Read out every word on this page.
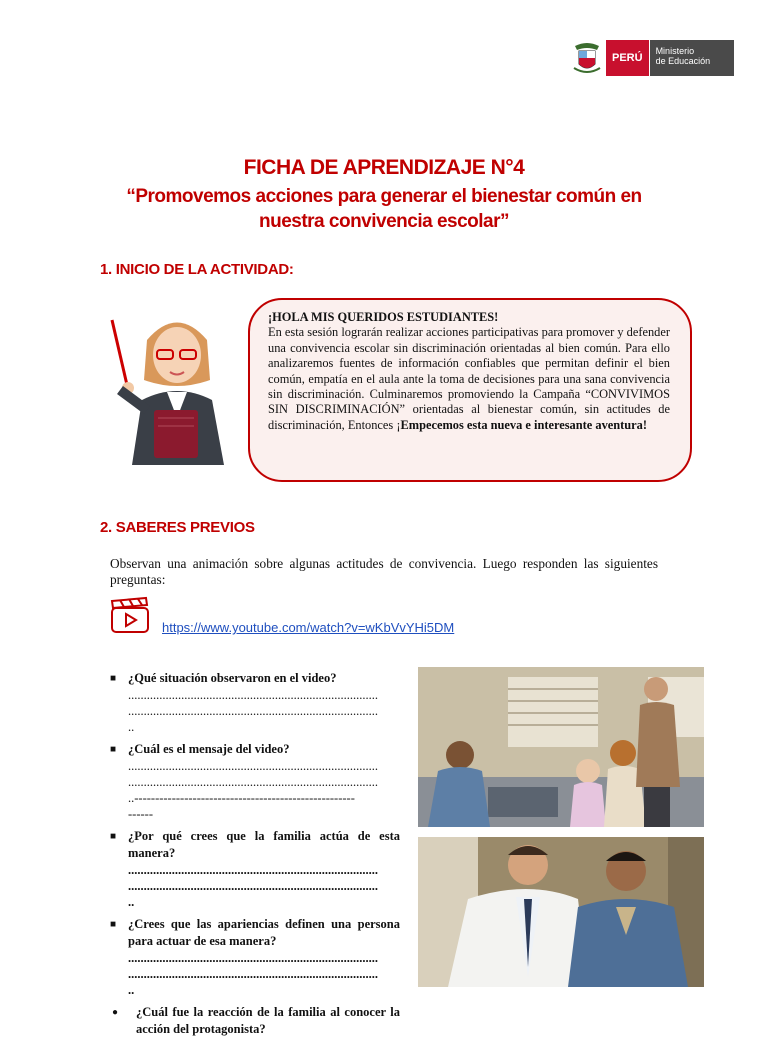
PERÚ
Ministerio
de Educación
FICHA DE APRENDIZAJE N°4
“Promovemos acciones para generar el bienestar común en
nuestra convivencia escolar”
1. INICIO DE LA ACTIVIDAD:

¡HOLA MIS QUERIDOS ESTUDIANTES!

En esta sesión lograrán realizar acciones participativas para promover y defender una convivencia escolar sin discriminación orientadas al bien común. Para ello analizaremos fuentes de información confiables que permitan definir el bien común, empatía en el aula ante la toma de decisiones para una sana convivencia sin discriminación. Culminaremos promoviendo la Campaña “CONVIVIMOS SIN DISCRIMINACIÓN” orientadas al bienestar común, sin actitudes de discriminación, Entonces ¡Empecemos esta nueva e interesante aventura!

2. SABERES PREVIOS
Observan una animación sobre algunas actitudes de convivencia. Luego responden las siguientes preguntas:
https://www.youtube.com/watch?v=wKbVvYHi5DM
■ ¿Qué situación observaron en el video?
................................................................................
................................................................................
..
■ ¿Cuál es el mensaje del video?
................................................................................
................................................................................
..-----------------------------------------------------
------
■ ¿Por qué crees que la familia actúa de esta manera?
................................................................................
................................................................................
..
■ ¿Crees que las apariencias definen una persona para actuar de esa manera?
................................................................................
................................................................................
..
● ¿Cuál fue la reacción de la familia al conocer la acción del protagonista?
